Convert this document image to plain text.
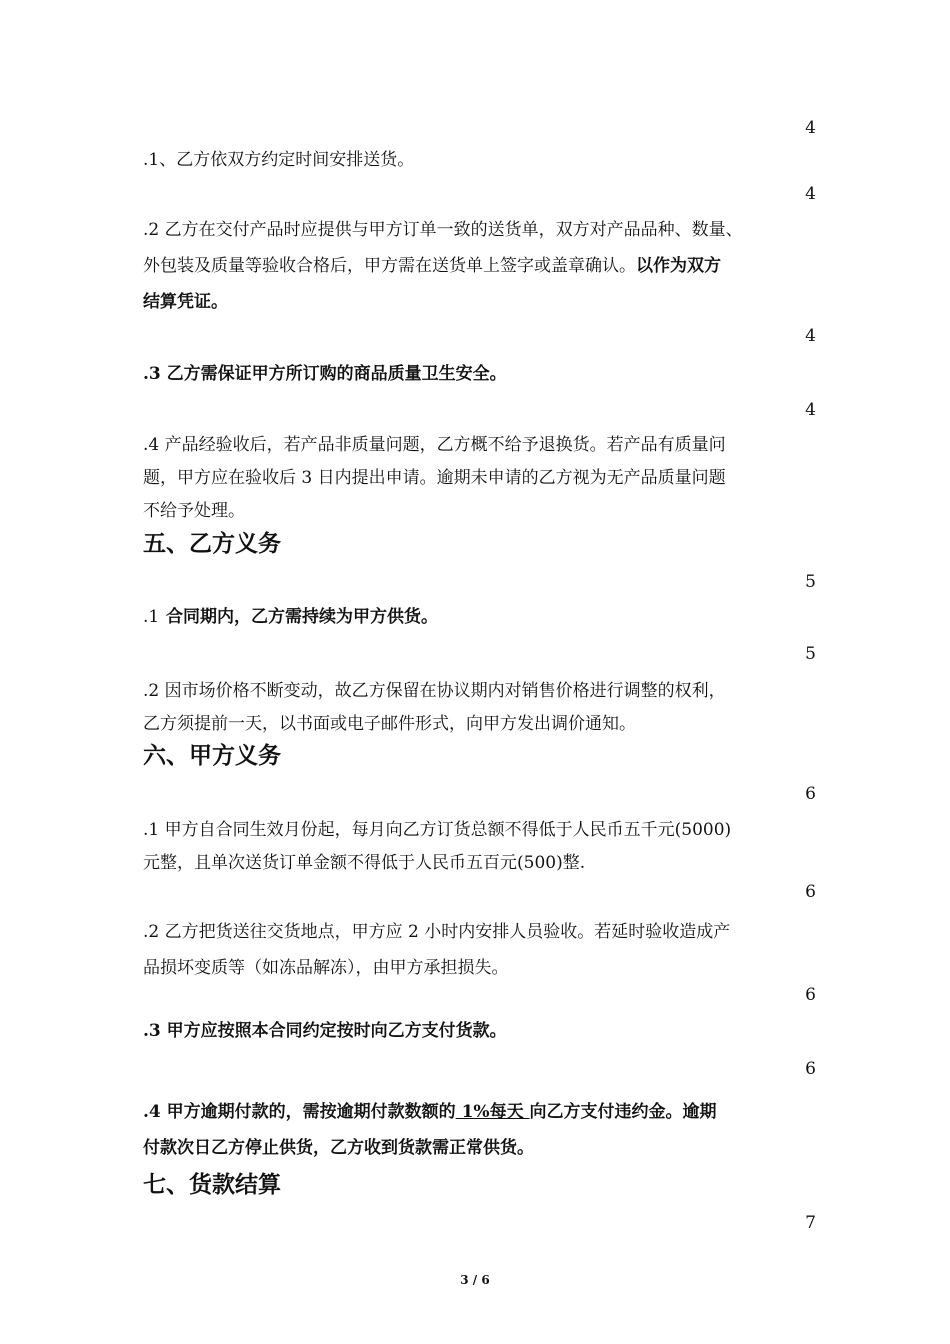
4
.1、乙方依双方约定时间安排送货。
4
.2 乙方在交付产品时应提供与甲方订单一致的送货单，双方对产品品种、数量、
外包装及质量等验收合格后，甲方需在送货单上签字或盖章确认。以作为双方
结算凭证。
4
.3 乙方需保证甲方所订购的商品质量卫生安全。
4
.4 产品经验收后，若产品非质量问题，乙方概不给予退换货。若产品有质量问
题，甲方应在验收后 3 日内提出申请。逾期未申请的乙方视为无产品质量问题
不给予处理。
五、乙方义务
5
.1 合同期内，乙方需持续为甲方供货。
5
.2 因市场价格不断变动，故乙方保留在协议期内对销售价格进行调整的权利，
乙方须提前一天，以书面或电子邮件形式，向甲方发出调价通知。
六、甲方义务
6
.1 甲方自合同生效月份起，每月向乙方订货总额不得低于人民币五千元(5000)
元整，且单次送货订单金额不得低于人民币五百元(500)整.
6
.2 乙方把货送往交货地点，甲方应 2 小时内安排人员验收。若延时验收造成产
品损坏变质等（如冻品解冻），由甲方承担损失。
6
.3 甲方应按照本合同约定按时向乙方支付货款。
6
.4 甲方逾期付款的，需按逾期付款数额的 1%每天 向乙方支付违约金。逾期
付款次日乙方停止供货，乙方收到货款需正常供货。
七、货款结算
7
3 / 6
